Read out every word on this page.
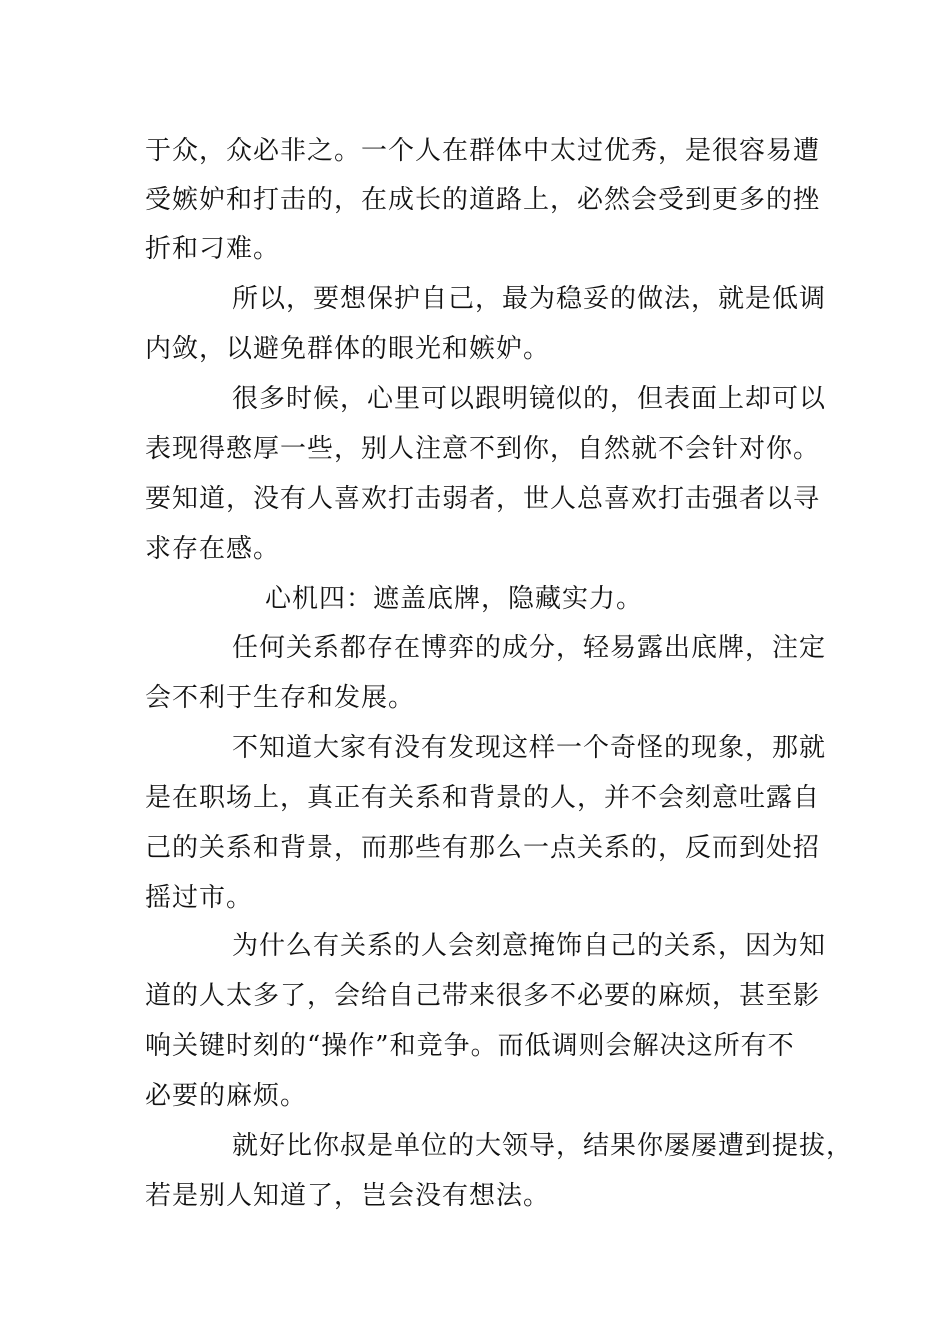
于众，众必非之。一个人在群体中太过优秀，是很容易遭
受嫉妒和打击的，在成长的道路上，必然会受到更多的挫
折和刁难。
所以，要想保护自己，最为稳妥的做法，就是低调
内敛，以避免群体的眼光和嫉妒。
很多时候，心里可以跟明镜似的，但表面上却可以
表现得憨厚一些，别人注意不到你，自然就不会针对你。
要知道，没有人喜欢打击弱者，世人总喜欢打击强者以寻
求存在感。
心机四：遮盖底牌，隐藏实力。
任何关系都存在博弈的成分，轻易露出底牌，注定
会不利于生存和发展。
不知道大家有没有发现这样一个奇怪的现象，那就
是在职场上，真正有关系和背景的人，并不会刻意吐露自
己的关系和背景，而那些有那么一点关系的，反而到处招
摇过市。
为什么有关系的人会刻意掩饰自己的关系，因为知
道的人太多了，会给自己带来很多不必要的麻烦，甚至影
响关键时刻的“操作”和竞争。而低调则会解决这所有不
必要的麻烦。
就好比你叔是单位的大领导，结果你屡屡遭到提拔，
若是别人知道了，岂会没有想法。
